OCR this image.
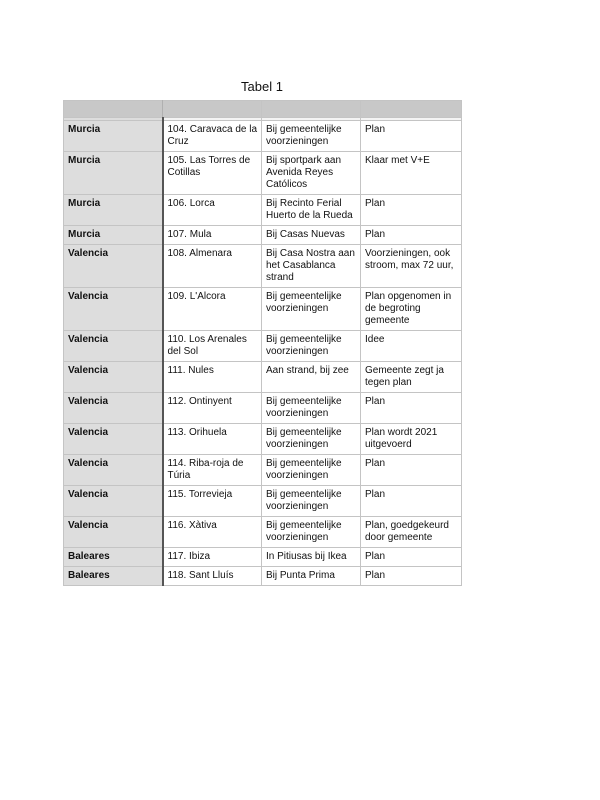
Tabel 1

Murcia	104. Caravaca de la Cruz	Bij gemeentelijke voorzieningen	Plan
Murcia	105. Las Torres de Cotillas	Bij sportpark aan Avenida Reyes Católicos	Klaar met V+E
Murcia	106. Lorca	Bij Recinto Ferial Huerto de la Rueda	Plan
Murcia	107. Mula	Bij Casas Nuevas	Plan
Valencia	108. Almenara	Bij Casa Nostra aan het Casablanca strand	Voorzieningen, ook stroom, max 72 uur,
Valencia	109. L'Alcora	Bij gemeentelijke voorzieningen	Plan opgenomen in de begroting gemeente
Valencia	110. Los Arenales del Sol	Bij gemeentelijke voorzieningen	Idee
Valencia	111. Nules	Aan strand, bij zee	Gemeente zegt ja tegen plan
Valencia	112. Ontinyent	Bij gemeentelijke voorzieningen	Plan
Valencia	113. Orihuela	Bij gemeentelijke voorzieningen	Plan wordt 2021 uitgevoerd
Valencia	114. Riba-roja de Túria	Bij gemeentelijke voorzieningen	Plan
Valencia	115. Torrevieja	Bij gemeentelijke voorzieningen	Plan
Valencia	116. Xàtiva	Bij gemeentelijke voorzieningen	Plan, goedgekeurd door gemeente
Baleares	117. Ibiza	In Pitiusas bij Ikea	Plan
Baleares	118. Sant Lluís	Bij Punta Prima	Plan
